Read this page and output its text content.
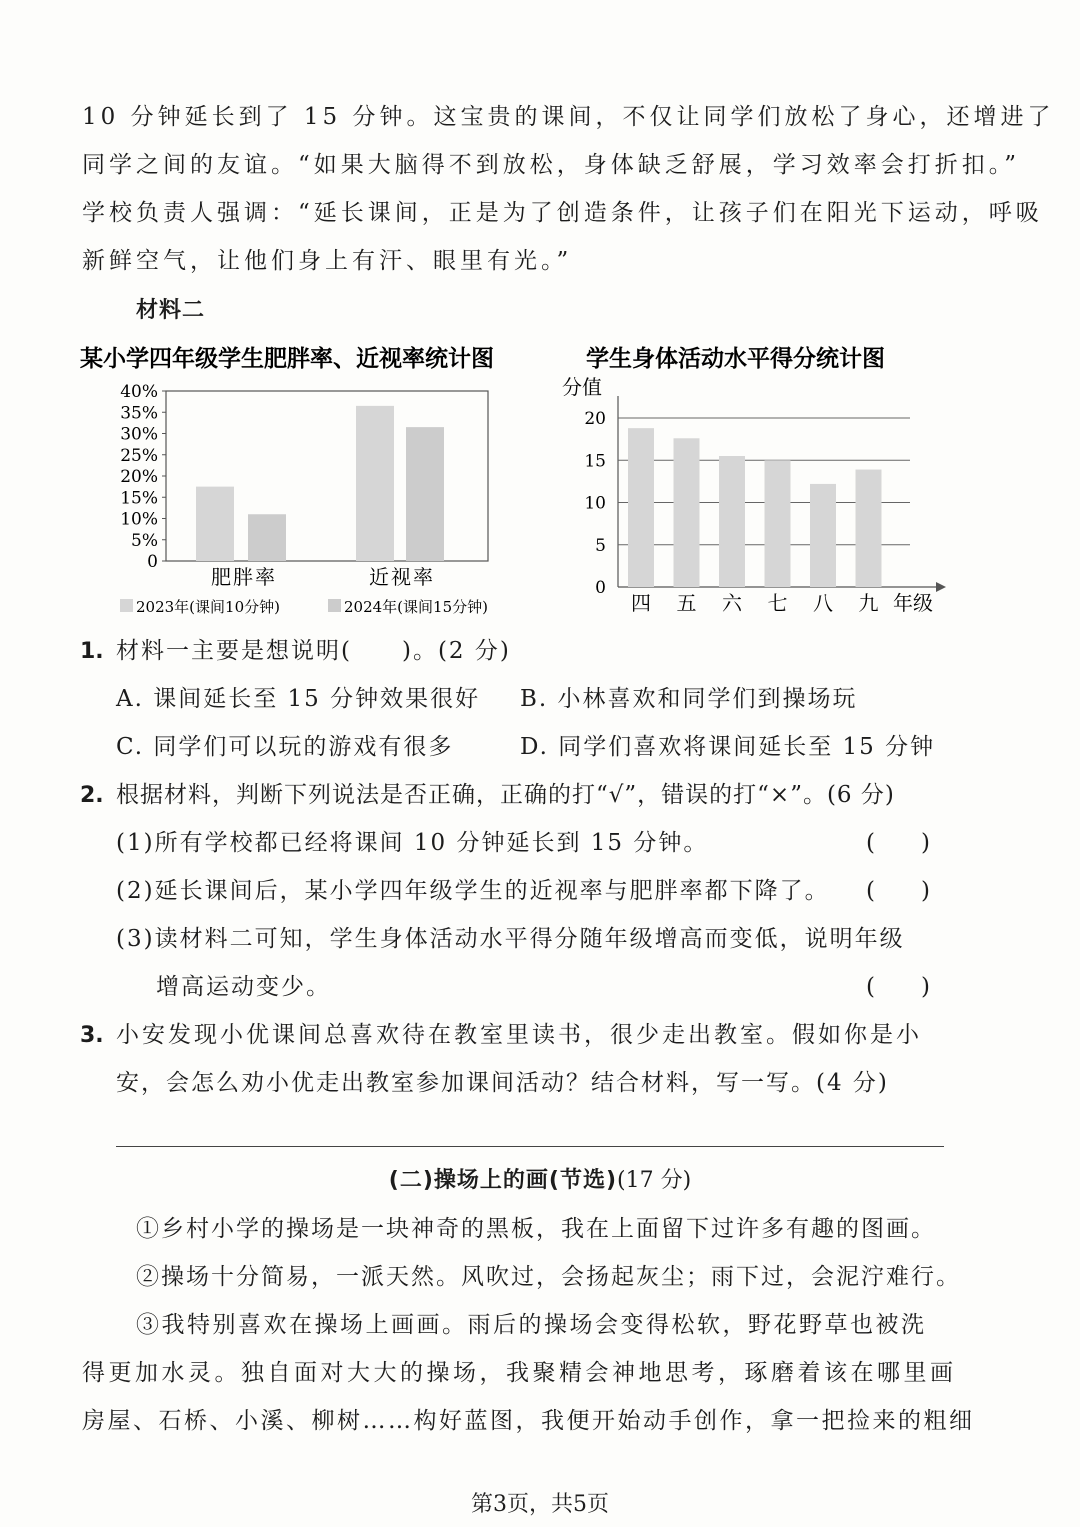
10 分钟延长到了 15 分钟。这宝贵的课间，不仅让同学们放松了身心，还增进了
同学之间的友谊。“如果大脑得不到放松，身体缺乏舒展，学习效率会打折扣。”
学校负责人强调：“延长课间，正是为了创造条件，让孩子们在阳光下运动，呼吸
新鲜空气，让他们身上有汗、眼里有光。”
材料二
某小学四年级学生肥胖率、近视率统计图
0
5%
10%
15%
20%
25%
30%
35%
40%
肥胖率	近视率
2023年(课间10分钟)	2024年(课间15分钟)
学生身体活动水平得分统计图
分值
0
5
10
15
20
四 五 六 七 八 九 年级
1. 材料一主要是想说明(　　)。(2 分)
A. 课间延长至 15 分钟效果很好 B. 小林喜欢和同学们到操场玩
C. 同学们可以玩的游戏有很多	D. 同学们喜欢将课间延长至 15 分钟
2. 根据材料，判断下列说法是否正确，正确的打“√”，错误的打“×”。(6 分)
(1)所有学校都已经将课间 10 分钟延长到 15 分钟。	(　　)
(2)延长课间后，某小学四年级学生的近视率与肥胖率都下降了。 (　　)
(3)读材料二可知，学生身体活动水平得分随年级增高而变低，说明年级
增高运动变少。	(　　)
3. 小安发现小优课间总喜欢待在教室里读书，很少走出教室。假如你是小
安，会怎么劝小优走出教室参加课间活动？结合材料，写一写。(4 分)
(二)操场上的画(节选)(17 分)
①乡村小学的操场是一块神奇的黑板，我在上面留下过许多有趣的图画。
②操场十分简易，一派天然。风吹过，会扬起灰尘；雨下过，会泥泞难行。
③我特别喜欢在操场上画画。雨后的操场会变得松软，野花野草也被洗
得更加水灵。独自面对大大的操场，我聚精会神地思考，琢磨着该在哪里画
房屋、石桥、小溪、柳树……构好蓝图，我便开始动手创作，拿一把捡来的粗细
第3页，共5页
